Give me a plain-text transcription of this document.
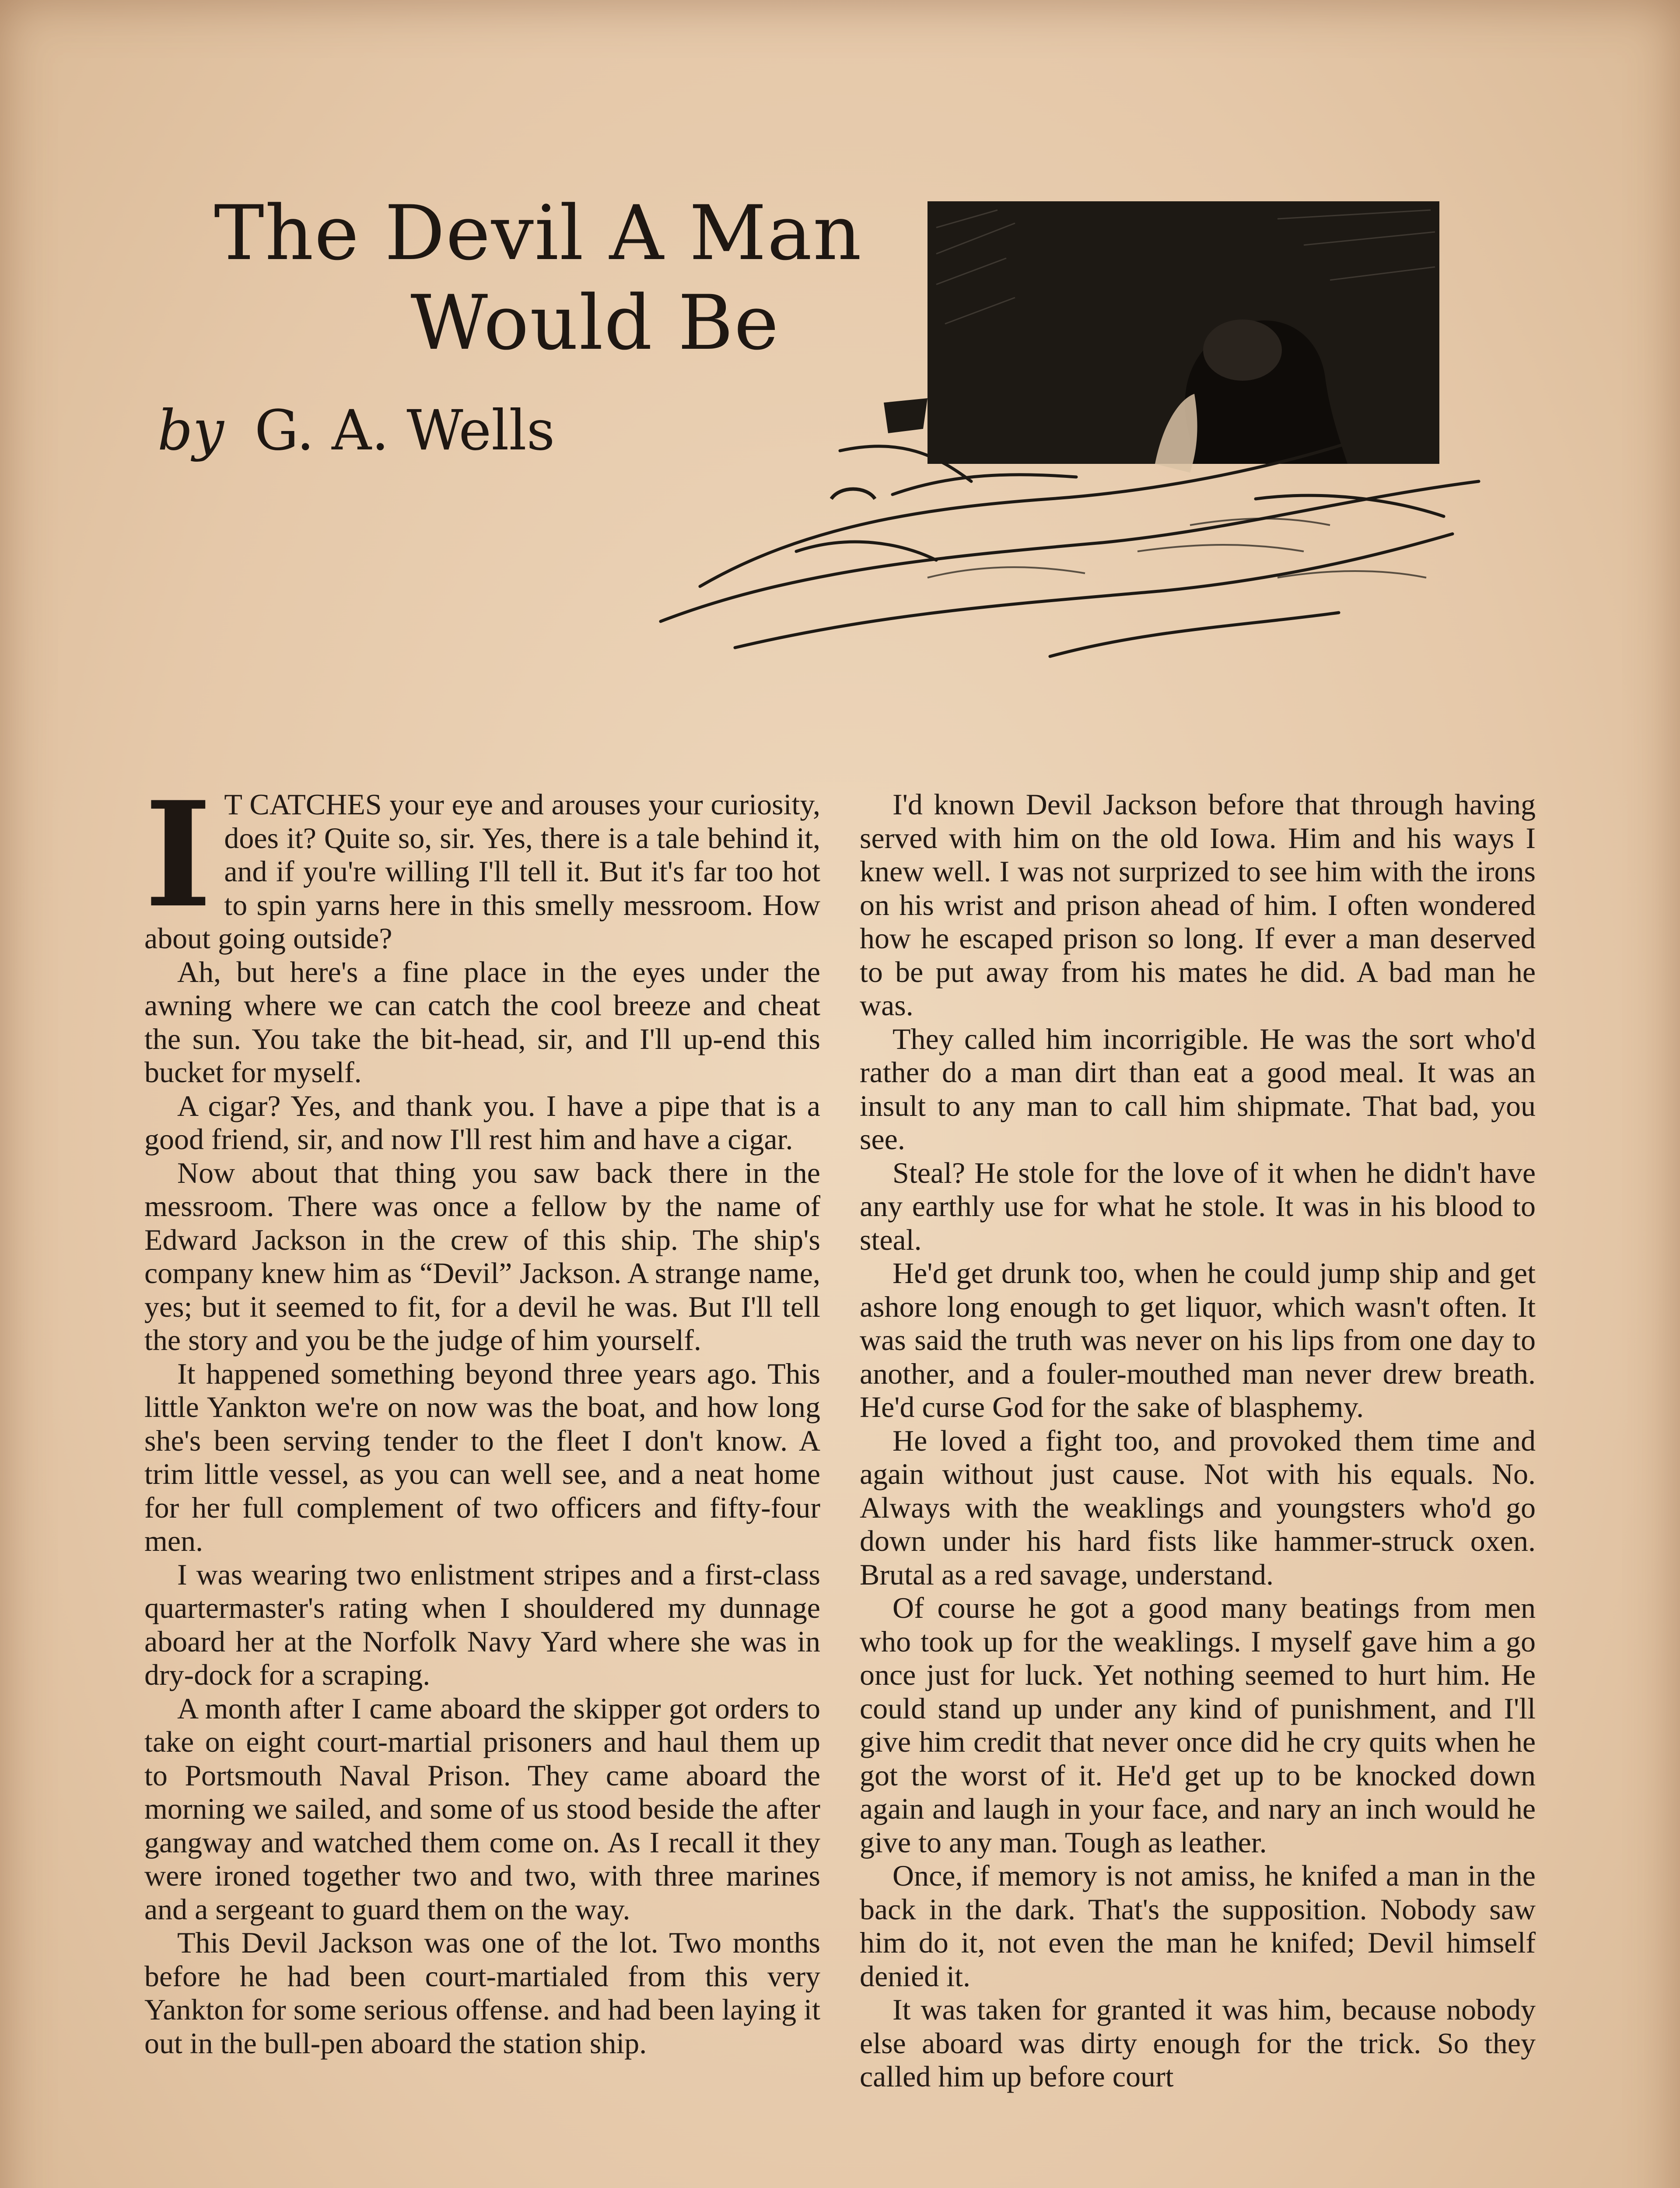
The Devil A Man
Would Be
by G. A. Wells

I T CATCHES your eye and arouses your curiosity, does it? Quite so, sir. Yes, there is a tale behind it, and if you're willing I'll tell it. But it's far too hot to spin yarns here in this smelly messroom. How about going outside?

Ah, but here's a fine place in the eyes under the awning where we can catch the cool breeze and cheat the sun. You take the bit-head, sir, and I'll up-end this bucket for myself.

A cigar? Yes, and thank you. I have a pipe that is a good friend, sir, and now I'll rest him and have a cigar.

Now about that thing you saw back there in the messroom. There was once a fellow by the name of Edward Jackson in the crew of this ship. The ship's company knew him as “Devil” Jackson. A strange name, yes; but it seemed to fit, for a devil he was. But I'll tell the story and you be the judge of him yourself.

It happened something beyond three years ago. This little Yankton we're on now was the boat, and how long she's been serving tender to the fleet I don't know. A trim little vessel, as you can well see, and a neat home for her full complement of two officers and fifty-four men.

I was wearing two enlistment stripes and a first-class quartermaster's rating when I shouldered my dunnage aboard her at the Norfolk Navy Yard where she was in dry-dock for a scraping.

A month after I came aboard the skipper got orders to take on eight court-martial prisoners and haul them up to Portsmouth Naval Prison. They came aboard the morning we sailed, and some of us stood beside the after gangway and watched them come on. As I recall it they were ironed together two and two, with three marines and a sergeant to guard them on the way.

This Devil Jackson was one of the lot. Two months before he had been court-martialed from this very Yankton for some serious offense. and had been laying it out in the bull-pen aboard the station ship.

I'd known Devil Jackson before that through having served with him on the old Iowa. Him and his ways I knew well. I was not surprized to see him with the irons on his wrist and prison ahead of him. I often wondered how he escaped prison so long. If ever a man deserved to be put away from his mates he did. A bad man he was.

They called him incorrigible. He was the sort who'd rather do a man dirt than eat a good meal. It was an insult to any man to call him shipmate. That bad, you see.

Steal? He stole for the love of it when he didn't have any earthly use for what he stole. It was in his blood to steal.

He'd get drunk too, when he could jump ship and get ashore long enough to get liquor, which wasn't often. It was said the truth was never on his lips from one day to another, and a fouler-mouthed man never drew breath. He'd curse God for the sake of blasphemy.

He loved a fight too, and provoked them time and again without just cause. Not with his equals. No. Always with the weaklings and youngsters who'd go down under his hard fists like hammer-struck oxen. Brutal as a red savage, understand.

Of course he got a good many beatings from men who took up for the weaklings. I myself gave him a go once just for luck. Yet nothing seemed to hurt him. He could stand up under any kind of punishment, and I'll give him credit that never once did he cry quits when he got the worst of it. He'd get up to be knocked down again and laugh in your face, and nary an inch would he give to any man. Tough as leather.

Once, if memory is not amiss, he knifed a man in the back in the dark. That's the supposition. Nobody saw him do it, not even the man he knifed; Devil himself denied it.

It was taken for granted it was him, because nobody else aboard was dirty enough for the trick. So they called him up before court
